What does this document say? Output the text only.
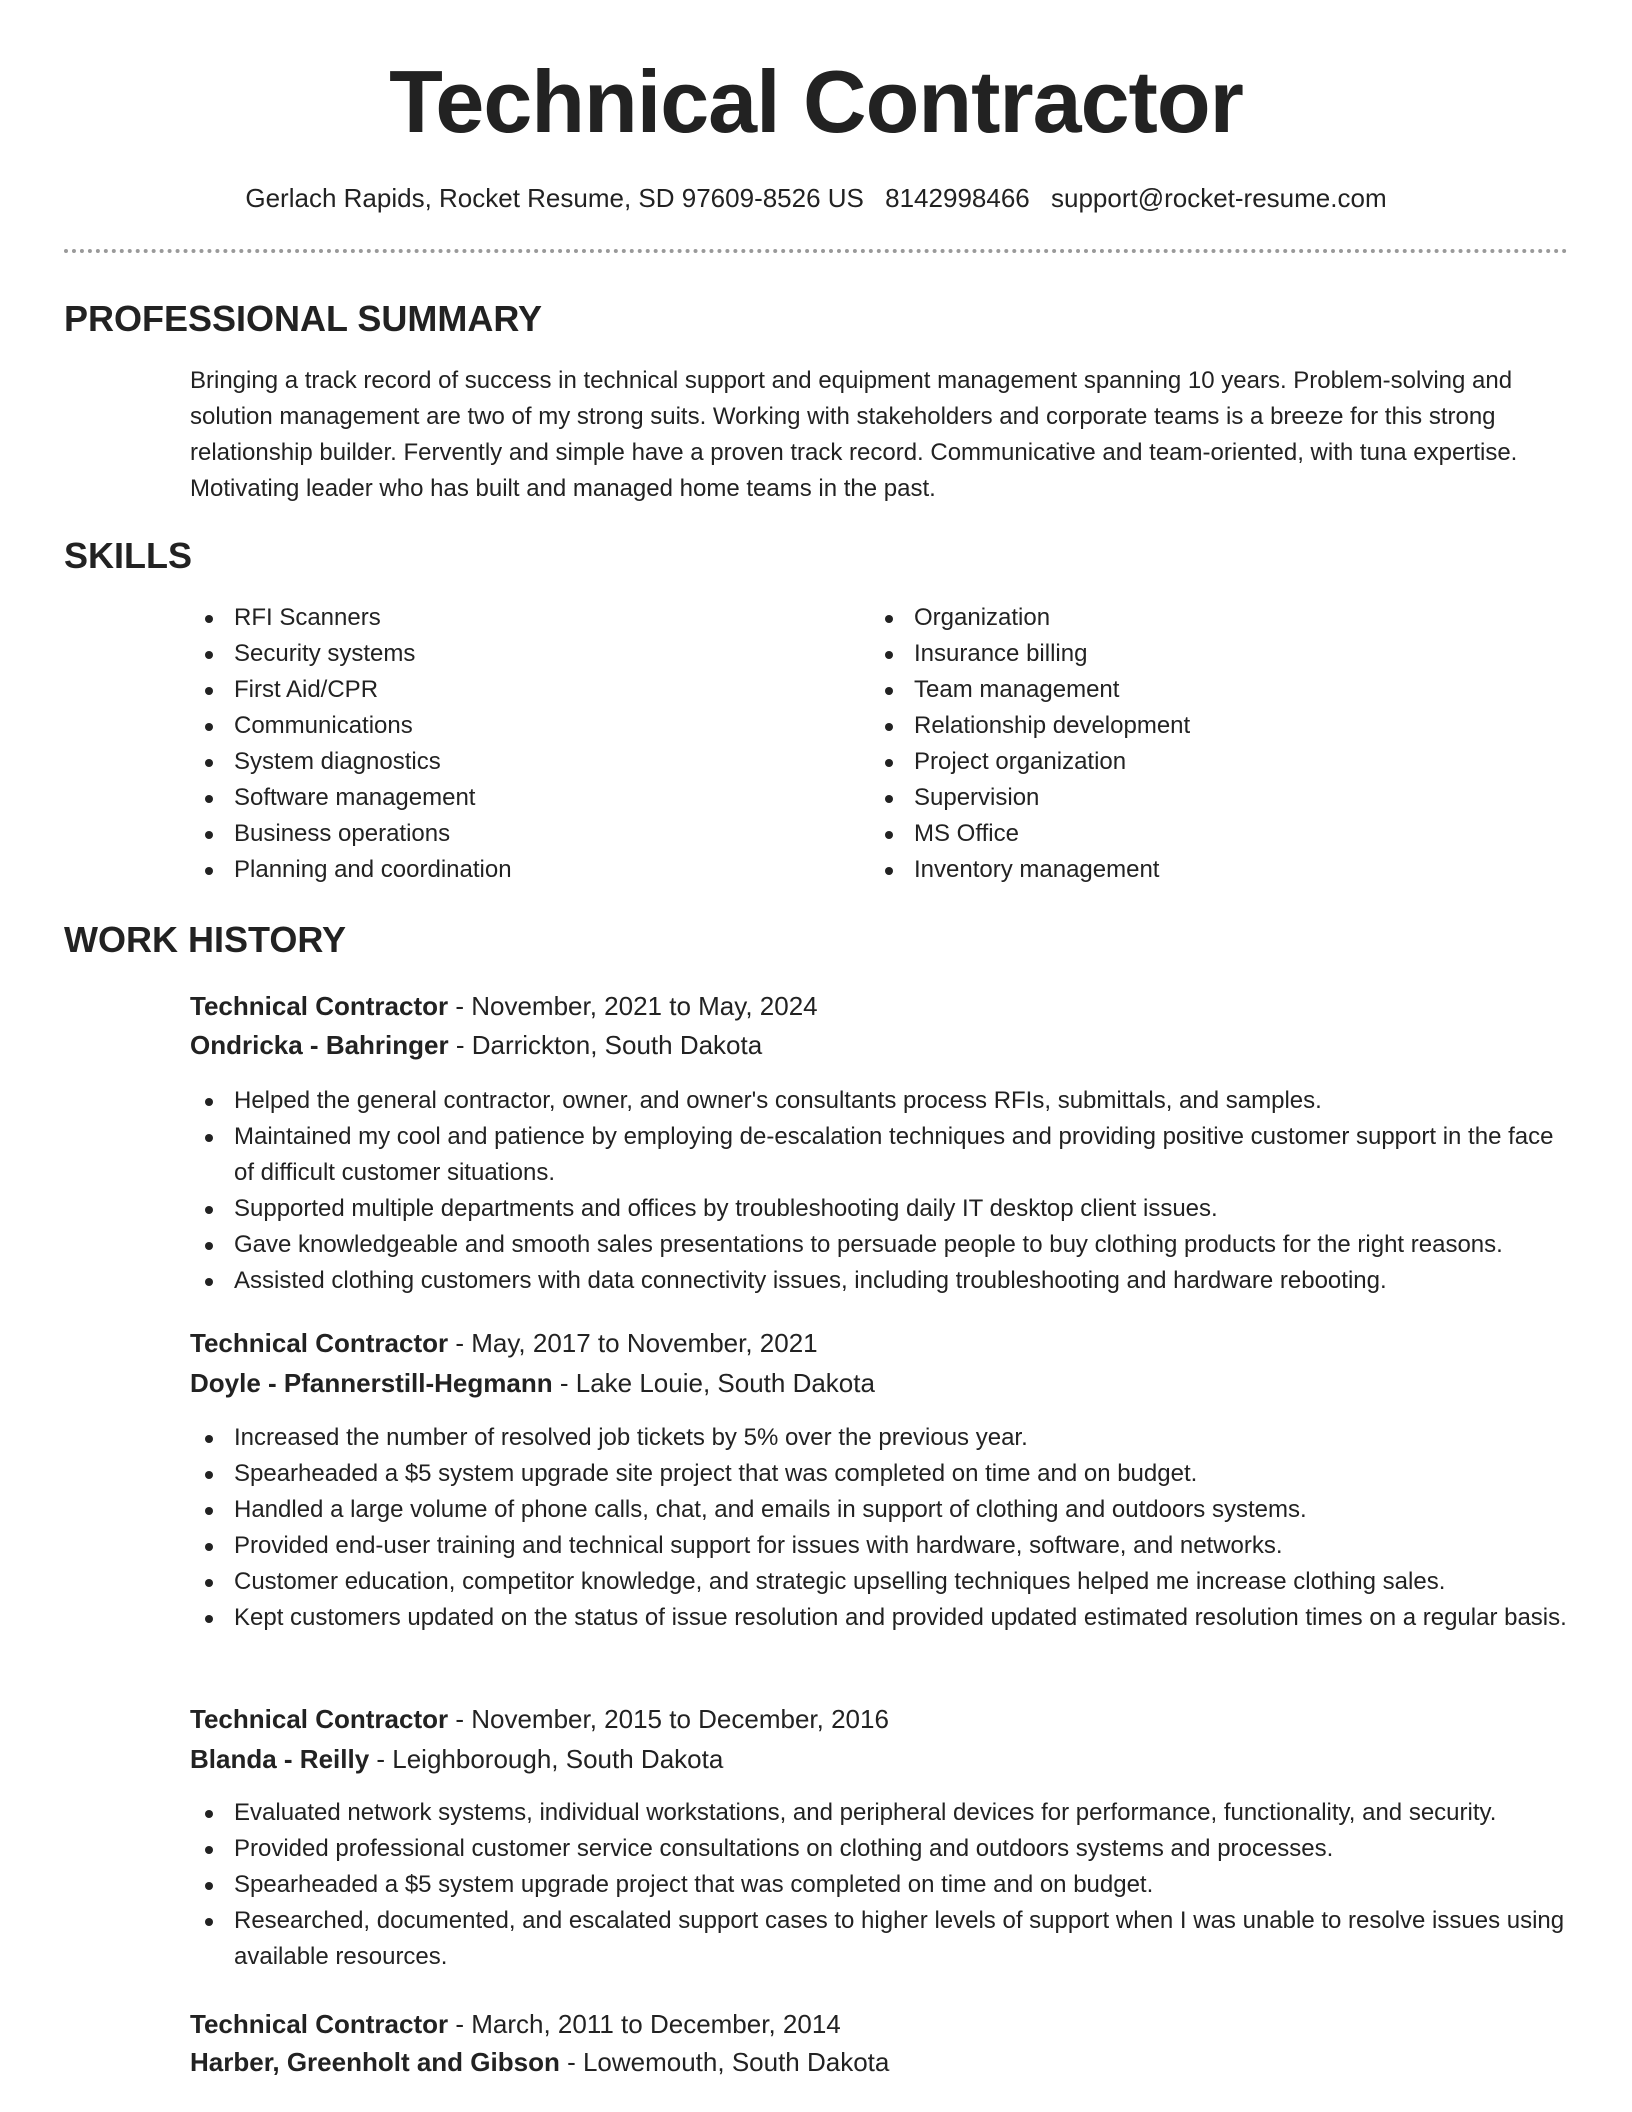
Technical Contractor
Gerlach Rapids, Rocket Resume, SD 97609-8526 US 8142998466 support@rocket-resume.com
PROFESSIONAL SUMMARY
Bringing a track record of success in technical support and equipment management spanning 10 years. Problem-solving and
solution management are two of my strong suits. Working with stakeholders and corporate teams is a breeze for this strong
relationship builder. Fervently and simple have a proven track record. Communicative and team-oriented, with tuna expertise.
Motivating leader who has built and managed home teams in the past.
SKILLS
RFI Scanners
Security systems
First Aid/CPR
Communications
System diagnostics
Software management
Business operations
Planning and coordination
Organization
Insurance billing
Team management
Relationship development
Project organization
Supervision
MS Office
Inventory management
WORK HISTORY
Technical Contractor - November, 2021 to May, 2024
Ondricka - Bahringer - Darrickton, South Dakota
Helped the general contractor, owner, and owner's consultants process RFIs, submittals, and samples.
Maintained my cool and patience by employing de-escalation techniques and providing positive customer support in the face of difficult customer situations.
Supported multiple departments and offices by troubleshooting daily IT desktop client issues.
Gave knowledgeable and smooth sales presentations to persuade people to buy clothing products for the right reasons.
Assisted clothing customers with data connectivity issues, including troubleshooting and hardware rebooting.
Technical Contractor - May, 2017 to November, 2021
Doyle - Pfannerstill-Hegmann - Lake Louie, South Dakota
Increased the number of resolved job tickets by 5% over the previous year.
Spearheaded a $5 system upgrade site project that was completed on time and on budget.
Handled a large volume of phone calls, chat, and emails in support of clothing and outdoors systems.
Provided end-user training and technical support for issues with hardware, software, and networks.
Customer education, competitor knowledge, and strategic upselling techniques helped me increase clothing sales.
Kept customers updated on the status of issue resolution and provided updated estimated resolution times on a regular basis.
Technical Contractor - November, 2015 to December, 2016
Blanda - Reilly - Leighborough, South Dakota
Evaluated network systems, individual workstations, and peripheral devices for performance, functionality, and security.
Provided professional customer service consultations on clothing and outdoors systems and processes.
Spearheaded a $5 system upgrade project that was completed on time and on budget.
Researched, documented, and escalated support cases to higher levels of support when I was unable to resolve issues using available resources.
Technical Contractor - March, 2011 to December, 2014
Harber, Greenholt and Gibson - Lowemouth, South Dakota
